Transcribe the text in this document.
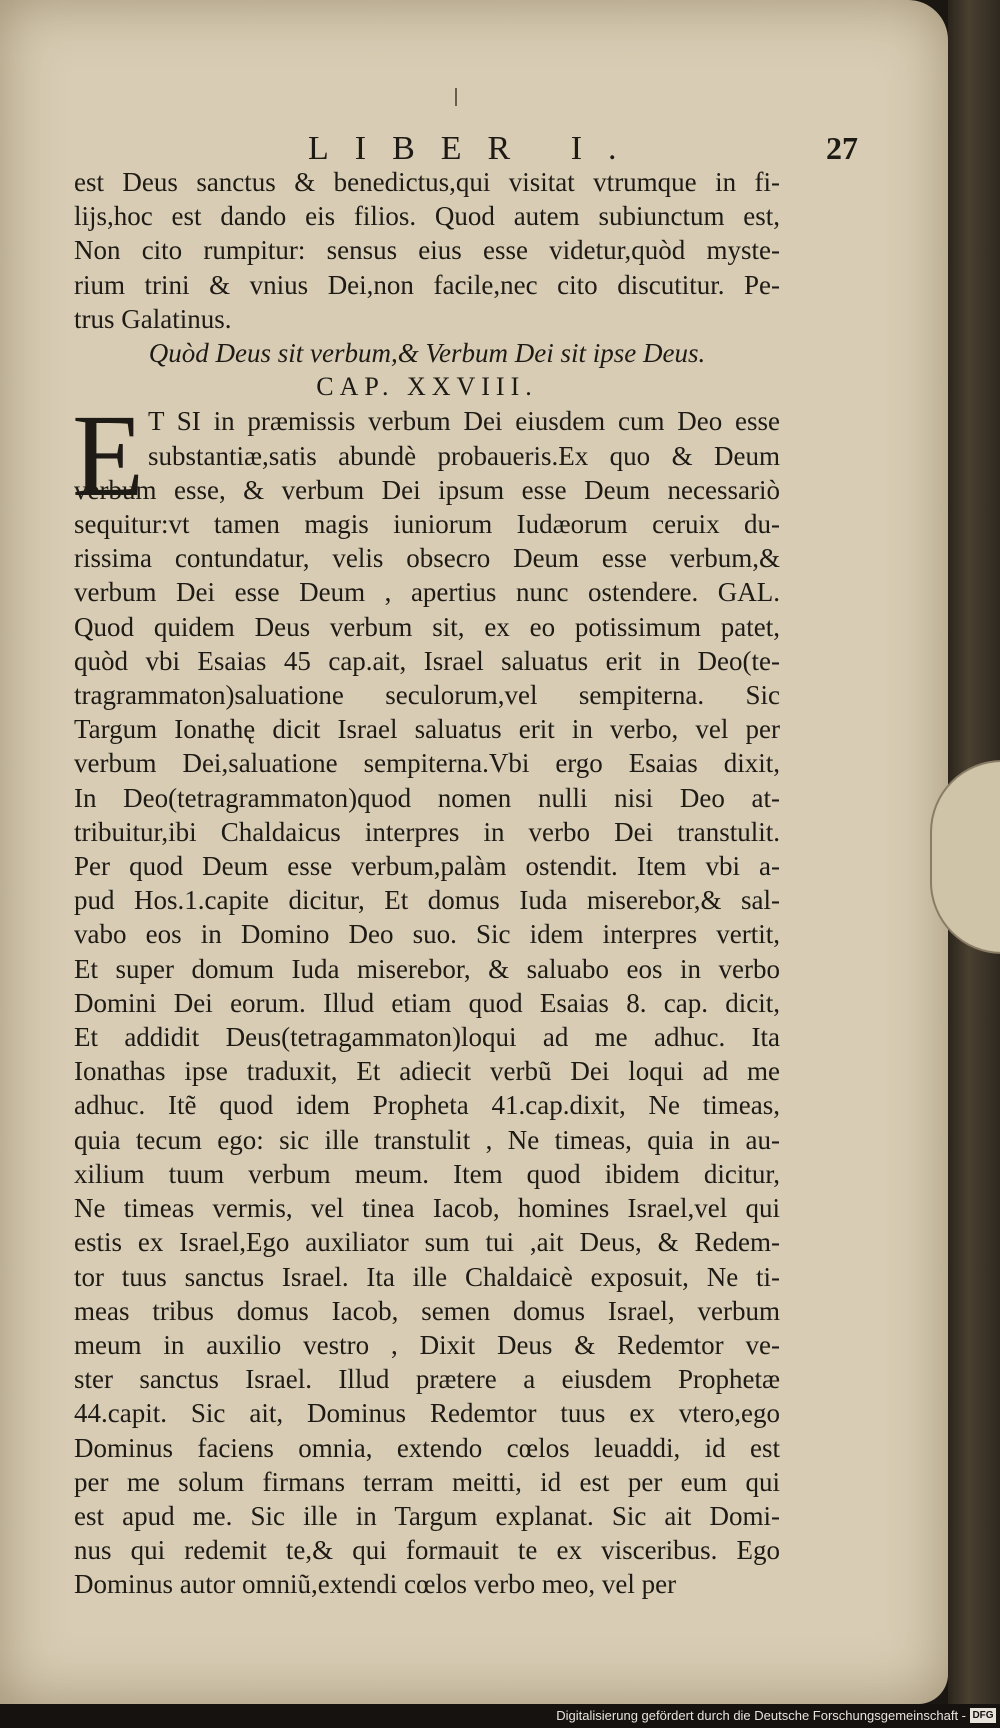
LIBER I.	27
est Deus sanctus & benedictus,qui visitat vtrumque in fi-
lijs,hoc est dando eis filios. Quod autem subiunctum est,
Non cito rumpitur: sensus eius esse videtur,quòd myste-
rium trini & vnius Dei,non facile,nec cito discutitur. Pe-
trus Galatinus.
Quòd Deus sit verbum,& Verbum Dei sit ipse Deus.
CAP. XXVIII.
E T SI in præmissis verbum Dei eiusdem cum Deo esse
substantiæ,satis abundè probaueris.Ex quo & Deum
verbum esse, & verbum Dei ipsum esse Deum necessariò
sequitur:vt tamen magis iuniorum Iudæorum ceruix du-
rissima contundatur, velis obsecro Deum esse verbum,&
verbum Dei esse Deum , apertius nunc ostendere. GAL.
Quod quidem Deus verbum sit, ex eo potissimum patet,
quòd vbi Esaias 45 cap.ait, Israel saluatus erit in Deo(te-
tragrammaton)saluatione seculorum,vel sempiterna. Sic
Targum Ionathę dicit Israel saluatus erit in verbo, vel per
verbum Dei,saluatione sempiterna.Vbi ergo Esaias dixit,
In Deo(tetragrammaton)quod nomen nulli nisi Deo at-
tribuitur,ibi Chaldaicus interpres in verbo Dei transtulit.
Per quod Deum esse verbum,palàm ostendit. Item vbi a-
pud Hos.1.capite dicitur, Et domus Iuda miserebor,& sal-
vabo eos in Domino Deo suo. Sic idem interpres vertit,
Et super domum Iuda miserebor, & saluabo eos in verbo
Domini Dei eorum. Illud etiam quod Esaias 8. cap. dicit,
Et addidit Deus(tetragammaton)loqui ad me adhuc. Ita
Ionathas ipse traduxit, Et adiecit verbũ Dei loqui ad me
adhuc. Itẽ quod idem Propheta 41.cap.dixit, Ne timeas,
quia tecum ego: sic ille transtulit , Ne timeas, quia in au-
xilium tuum verbum meum. Item quod ibidem dicitur,
Ne timeas vermis, vel tinea Iacob, homines Israel,vel qui
estis ex Israel,Ego auxiliator sum tui ,ait Deus, & Redem-
tor tuus sanctus Israel. Ita ille Chaldaicè exposuit, Ne ti-
meas tribus domus Iacob, semen domus Israel, verbum
meum in auxilio vestro , Dixit Deus & Redemtor ve-
ster sanctus Israel. Illud prætere a eiusdem Prophetæ
44.capit. Sic ait, Dominus Redemtor tuus ex vtero,ego
Dominus faciens omnia, extendo cœlos leuaddi, id est
per me solum firmans terram meitti, id est per eum qui
est apud me. Sic ille in Targum explanat. Sic ait Domi-
nus qui redemit te,& qui formauit te ex visceribus. Ego
Dominus autor omniũ,extendi cœlos verbo meo, vel per
Digitalisierung gefördert durch die Deutsche Forschungsgemeinschaft - DFG
